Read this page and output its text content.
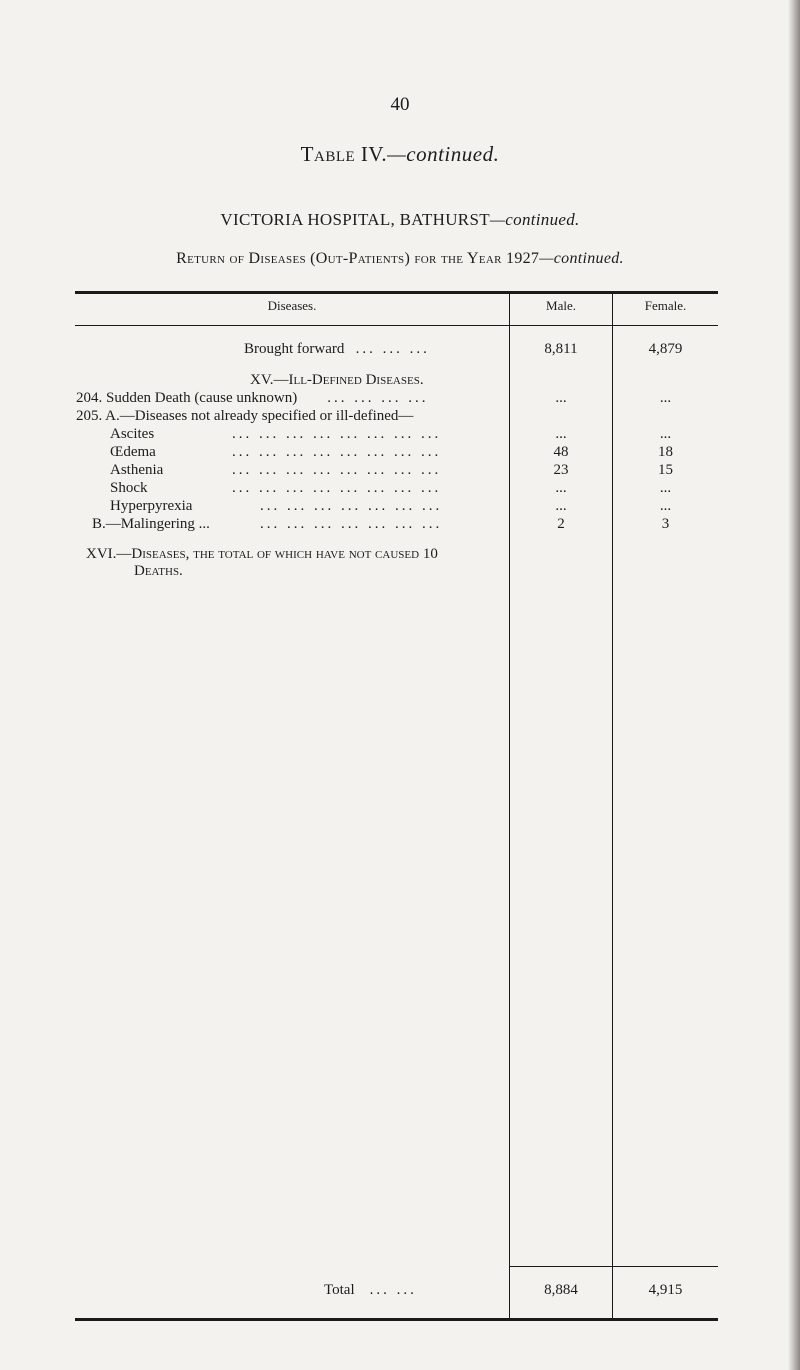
40
Table IV.—continued.
VICTORIA HOSPITAL, BATHURST—continued.
Return of Diseases (Out-Patients) for the Year 1927—continued.
Diseases.	Male.	Female.
Brought forward ... ... ...	8,811	4,879
XV.—Ill-Defined Diseases.
204. Sudden Death (cause unknown) ... ... ... ...	...	...
205. A.—Diseases not already specified or ill-defined—
Ascites	... ... ... ... ... ... ... ...	...	...
Œdema	... ... ... ... ... ... ... ...	48	18
Asthenia	... ... ... ... ... ... ... ...	23	15
Shock	... ... ... ... ... ... ... ...	...	...
Hyperpyrexia	... ... ... ... ... ... ...	...	...
B.—Malingering ...	... ... ... ... ... ... ...	2	3
XVI.—Diseases, the total of which have not caused 10
Deaths.
Total ... ...	8,884	4,915
